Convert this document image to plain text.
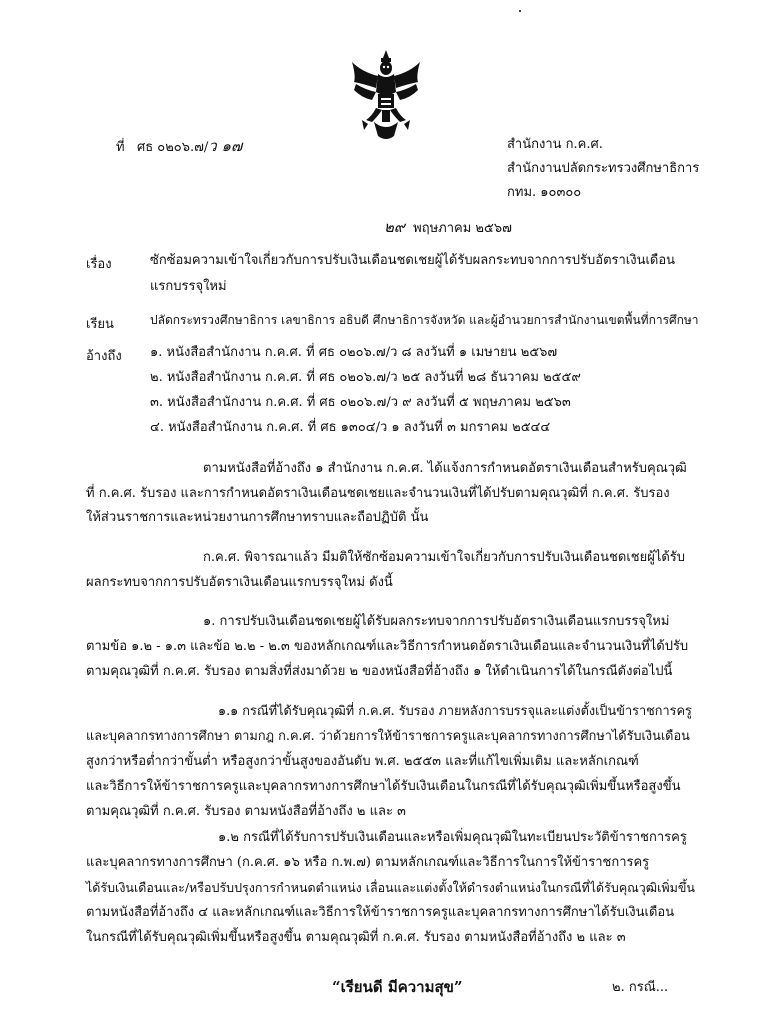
ที่ ศธ ๐๒๐๖.๗/ว ๑๗	สำนักงาน ก.ค.ศ.
สำนักงานปลัดกระทรวงศึกษาธิการ
กทม. ๑๐๓๐๐
๒๙ พฤษภาคม ๒๕๖๗
เรื่อง	ซักซ้อมความเข้าใจเกี่ยวกับการปรับเงินเดือนชดเชยผู้ได้รับผลกระทบจากการปรับอัตราเงินเดือน
แรกบรรจุใหม่
เรียน	ปลัดกระทรวงศึกษาธิการ เลขาธิการ อธิบดี ศึกษาธิการจังหวัด และผู้อำนวยการสำนักงานเขตพื้นที่การศึกษา
อ้างถึง ๑. หนังสือสำนักงาน ก.ค.ศ. ที่ ศธ ๐๒๐๖.๗/ว ๘ ลงวันที่ ๑ เมษายน ๒๕๖๗
๒. หนังสือสำนักงาน ก.ค.ศ. ที่ ศธ ๐๒๐๖.๗/ว ๒๕ ลงวันที่ ๒๘ ธันวาคม ๒๕๕๙
๓. หนังสือสำนักงาน ก.ค.ศ. ที่ ศธ ๐๒๐๖.๗/ว ๙ ลงวันที่ ๕ พฤษภาคม ๒๕๖๓
๔. หนังสือสำนักงาน ก.ค.ศ. ที่ ศธ ๑๓๐๔/ว ๑ ลงวันที่ ๓ มกราคม ๒๕๔๔
ตามหนังสือที่อ้างถึง ๑ สำนักงาน ก.ค.ศ. ได้แจ้งการกำหนดอัตราเงินเดือนสำหรับคุณวุฒิ
ที่ ก.ค.ศ. รับรอง และการกำหนดอัตราเงินเดือนชดเชยและจำนวนเงินที่ได้ปรับตามคุณวุฒิที่ ก.ค.ศ. รับรอง
ให้ส่วนราชการและหน่วยงานการศึกษาทราบและถือปฏิบัติ นั้น
ก.ค.ศ. พิจารณาแล้ว มีมติให้ซักซ้อมความเข้าใจเกี่ยวกับการปรับเงินเดือนชดเชยผู้ได้รับ
ผลกระทบจากการปรับอัตราเงินเดือนแรกบรรจุใหม่ ดังนี้
๑. การปรับเงินเดือนชดเชยผู้ได้รับผลกระทบจากการปรับอัตราเงินเดือนแรกบรรจุใหม่
ตามข้อ ๑.๒ - ๑.๓ และข้อ ๒.๒ - ๒.๓ ของหลักเกณฑ์และวิธีการกำหนดอัตราเงินเดือนและจำนวนเงินที่ได้ปรับ
ตามคุณวุฒิที่ ก.ค.ศ. รับรอง ตามสิ่งที่ส่งมาด้วย ๒ ของหนังสือที่อ้างถึง ๑ ให้ดำเนินการได้ในกรณีดังต่อไปนี้
๑.๑ กรณีที่ได้รับคุณวุฒิที่ ก.ค.ศ. รับรอง ภายหลังการบรรจุและแต่งตั้งเป็นข้าราชการครู
และบุคลากรทางการศึกษา ตามกฎ ก.ค.ศ. ว่าด้วยการให้ข้าราชการครูและบุคลากรทางการศึกษาได้รับเงินเดือน
สูงกว่าหรือต่ำกว่าขั้นต่ำ หรือสูงกว่าขั้นสูงของอันดับ พ.ศ. ๒๕๕๓ และที่แก้ไขเพิ่มเติม และหลักเกณฑ์
และวิธีการให้ข้าราชการครูและบุคลากรทางการศึกษาได้รับเงินเดือนในกรณีที่ได้รับคุณวุฒิเพิ่มขึ้นหรือสูงขึ้น
ตามคุณวุฒิที่ ก.ค.ศ. รับรอง ตามหนังสือที่อ้างถึง ๒ และ ๓
๑.๒ กรณีที่ได้รับการปรับเงินเดือนและหรือเพิ่มคุณวุฒิในทะเบียนประวัติข้าราชการครู
และบุคลากรทางการศึกษา (ก.ค.ศ. ๑๖ หรือ ก.พ.๗) ตามหลักเกณฑ์และวิธีการในการให้ข้าราชการครู
ได้รับเงินเดือนและ/หรือปรับปรุงการกำหนดตำแหน่ง เลื่อนและแต่งตั้งให้ดำรงตำแหน่งในกรณีที่ได้รับคุณวุฒิเพิ่มขึ้น
ตามหนังสือที่อ้างถึง ๔ และหลักเกณฑ์และวิธีการให้ข้าราชการครูและบุคลากรทางการศึกษาได้รับเงินเดือน
ในกรณีที่ได้รับคุณวุฒิเพิ่มขึ้นหรือสูงขึ้น ตามคุณวุฒิที่ ก.ค.ศ. รับรอง ตามหนังสือที่อ้างถึง ๒ และ ๓
“เรียนดี มีความสุข”	๒. กรณี...
